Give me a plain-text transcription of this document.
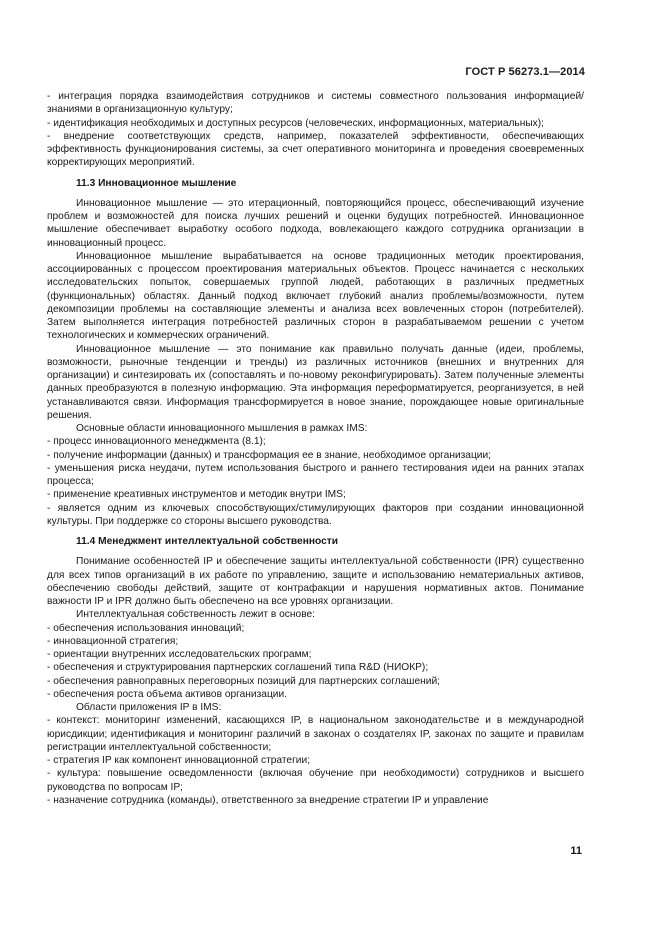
ГОСТ Р 56273.1—2014

- интеграция порядка взаимодействия сотрудников и системы совместного пользования информацией/знаниями в организационную культуру;

- идентификация необходимых и доступных ресурсов (человеческих, информационных, материальных);

- внедрение соответствующих средств, например, показателей эффективности, обеспечивающих эффективность функционирования системы, за счет оперативного мониторинга и проведения своевременных корректирующих мероприятий.

11.3 Инновационное мышление

Инновационное мышление — это итерационный, повторяющийся процесс, обеспечивающий изучение проблем и возможностей для поиска лучших решений и оценки будущих потребностей. Инновационное мышление обеспечивает выработку особого подхода, вовлекающего каждого сотрудника организации в инновационный процесс.

Инновационное мышление вырабатывается на основе традиционных методик проектирования, ассоциированных с процессом проектирования материальных объектов. Процесс начинается с нескольких исследовательских попыток, совершаемых группой людей, работающих в различных предметных (функциональных) областях. Данный подход включает глубокий анализ проблемы/возможности, путем декомпозиции проблемы на составляющие элементы и анализа всех вовлеченных сторон (потребителей). Затем выполняется интеграция потребностей различных сторон в разрабатываемом решении с учетом технологических и коммерческих ограничений.

Инновационное мышление — это понимание как правильно получать данные (идеи, проблемы, возможности, рыночные тенденции и тренды) из различных источников (внешних и внутренних для организации) и синтезировать их (сопоставлять и по-новому реконфигурировать). Затем полученные элементы данных преобразуются в полезную информацию. Эта информация переформатируется, реорганизуется, в ней устанавливаются связи. Информация трансформируется в новое знание, порождающее новые оригинальные решения.

Основные области инновационного мышления в рамках IMS:

- процесс инновационного менеджмента (8.1);

- получение информации (данных) и трансформация ее в знание, необходимое организации;

- уменьшения риска неудачи, путем использования быстрого и раннего тестирования идеи на ранних этапах процесса;

- применение креативных инструментов и методик внутри IMS;

- является одним из ключевых способствующих/стимулирующих факторов при создании инновационной культуры. При поддержке со стороны высшего руководства.

11.4 Менеджмент интеллектуальной собственности

Понимание особенностей IP и обеспечение защиты интеллектуальной собственности (IPR) существенно для всех типов организаций в их работе по управлению, защите и использованию нематериальных активов, обеспечению свободы действий, защите от контрафакции и нарушения нормативных актов. Понимание важности IP и IPR должно быть обеспечено на все уровнях организации.

Интеллектуальная собственность лежит в основе:

- обеспечения использования инноваций;

- инновационной стратегия;

- ориентации внутренних исследовательских программ;

- обеспечения и структурирования партнерских соглашений типа R&D (НИОКР);

- обеспечения равноправных переговорных позиций для партнерских соглашений;

- обеспечения роста объема активов организации.

Области приложения IP в IMS:

- контекст: мониторинг изменений, касающихся IP, в национальном законодательстве и в международной юрисдикции; идентификация и мониторинг различий в законах о создателях IP, законах по защите и правилам регистрации интеллектуальной собственности;

- стратегия IP как компонент инновационной стратегии;

- культура: повышение осведомленности (включая обучение при необходимости) сотрудников и высшего руководства по вопросам IP;

- назначение сотрудника (команды), ответственного за внедрение стратегии IP и управление

11
